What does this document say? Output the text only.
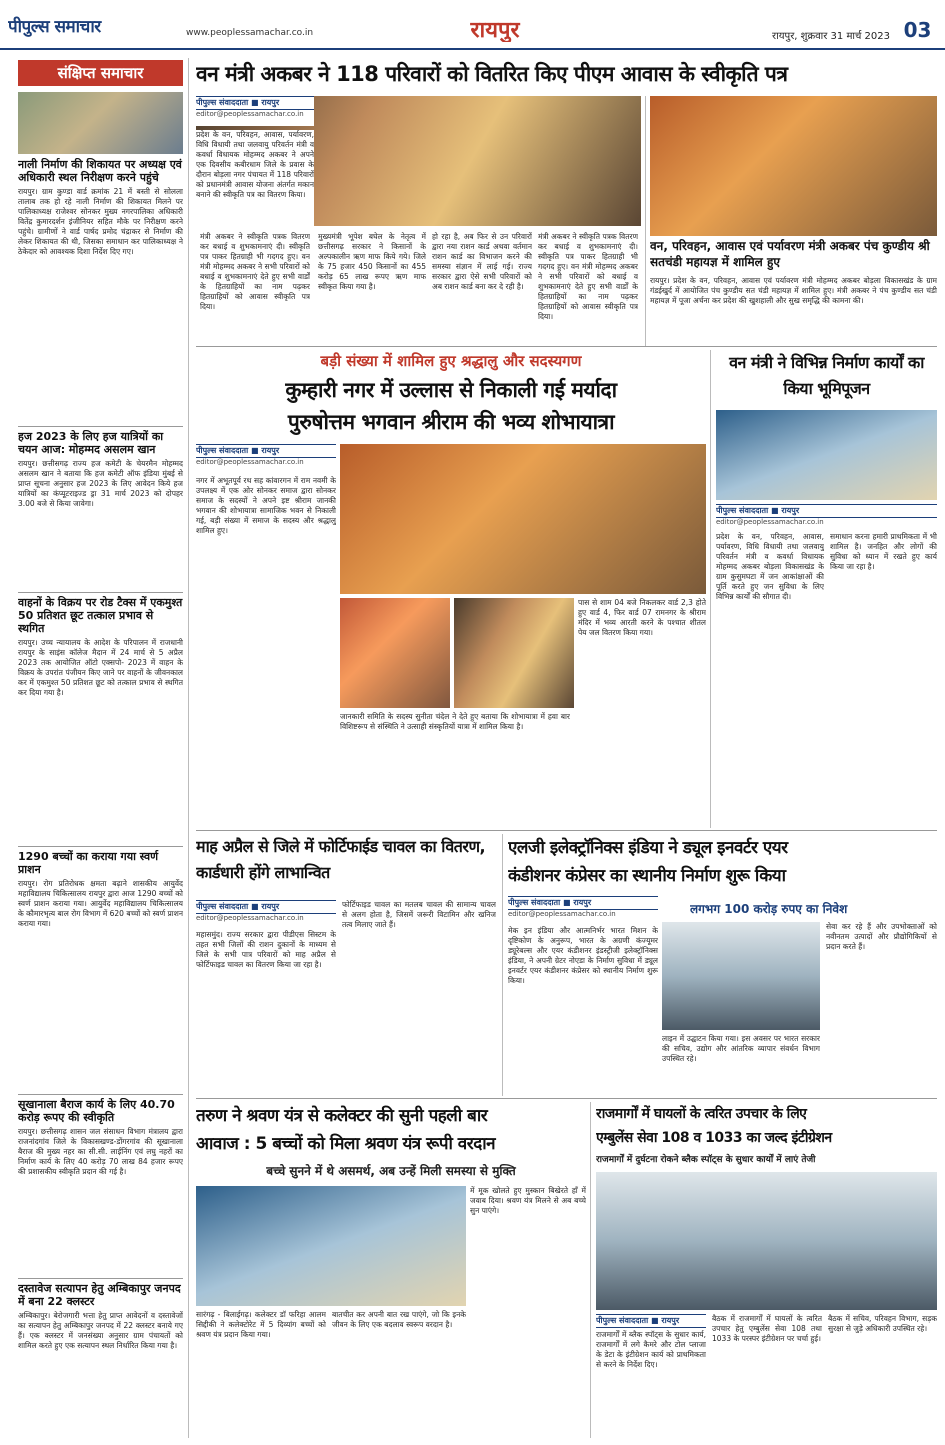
पीपुल्स समाचार	www.peoplessamachar.co.in	रायपुर	रायपुर, शुक्रवार 31 मार्च 2023 03
संक्षिप्त समाचार
नाली निर्माण की शिकायत पर अध्यक्ष एवं अधिकारी स्थल निरीक्षण करने पहुंचे
रायपुर। ग्राम कुण्डा वार्ड क्रमांक 21 में बस्ती से सोलला तालाब तक हो रहे नाली निर्माण की शिकायत मिलने पर पालिकाध्यक्ष राजेश्वर सोनकर मुख्य नगरपालिका अधिकारी वितेंद्र कुमारदर्शन इंजीनियर सहित मौके पर निरीक्षण करने पहुंचे। ग्रामीणों ने वार्ड पार्षद प्रमोद चंद्राकर से निर्माण की लेकर शिकायत की थी, जिसका समाधान कर पालिकाध्यक्ष ने ठेकेदार को आवश्यक दिशा निर्देश दिए गए।
हज 2023 के लिए हज यात्रियों का चयन आज: मोहम्मद असलम खान
रायपुर। छत्तीसगढ़ राज्य हज कमेटी के चेयरमैन मोहम्मद असलम खान ने बताया कि हज कमेटी ऑफ इंडिया मुंबई से प्राप्त सूचना अनुसार हज 2023 के लिए आवेदन किये हज यात्रियों का कंप्यूटराइज्ड ड्रा 31 मार्च 2023 को दोपहर 3.00 बजे से किया जावेगा।
वाहनों के विक्रय पर रोड टैक्स में एकमुश्त 50 प्रतिशत छूट तत्काल प्रभाव से स्थगित
रायपुर। उच्च न्यायालय के आदेश के परिपालन में राजधानी रायपुर के साइंस कॉलेज मैदान में 24 मार्च से 5 अप्रैल 2023 तक आयोजित ऑटो एक्सपो- 2023 में वाहन के विक्रय के उपरांत पंजीयन किए जाने पर वाहनों के जीवनकाल कर में एकमुश्त 50 प्रतिशत छूट को तत्काल प्रभाव से स्थगित कर दिया गया है।
1290 बच्चों का कराया गया स्वर्ण प्राशन
रायपुर। रोग प्रतिरोधक क्षमता बढ़ाने शासकीय आयुर्वेद महाविद्यालय चिकित्सालय रायपुर द्वारा आज 1290 बच्चों को स्वर्ण प्राशन कराया गया। आयुर्वेद महाविद्यालय चिकित्सालय के कौमारभृत्य बाल रोग विभाग में 620 बच्चों को स्वर्ण प्राशन कराया गया।
सूखानाला बैराज कार्य के लिए 40.70 करोड़ रूपए की स्वीकृति
रायपुर। छत्तीसगढ़ शासन जल संसाधन विभाग मंत्रालय द्वारा राजनांदगांव जिले के विकासखण्ड-डोंगरगांव की सूखानाला बैराज की मुख्य नहर का सी.सी. लाईनिंग एवं लघु नहरों का निर्माण कार्य के लिए 40 करोड़ 70 लाख 84 हजार रूपए की प्रशासकीय स्वीकृति प्रदान की गई है।
दस्तावेज सत्यापन हेतु अम्बिकापुर जनपद में बना 22 क्लस्टर
अम्बिकापुर। बेरोजगारी भत्ता हेतु प्राप्त आवेदनों व दस्तावेजों का सत्यापन हेतु अम्बिकापुर जनपद में 22 क्लस्टर बनाये गए हैं। एक क्लस्टर में जनसंख्या अनुसार ग्राम पंचायतों को शामिल करते हुए एक सत्यापन स्थल निर्धारित किया गया है।
वन मंत्री अकबर ने 118 परिवारों को वितरित किए पीएम आवास के स्वीकृति पत्र
पीपुल्स संवाददाता ■ रायपुर
editor@peoplessamachar.co.in
प्रदेश के वन, परिवहन, आवास, पर्यावरण, विधि विधायी तथा जलवायु परिवर्तन मंत्री व कवर्धा विधायक मोहम्मद अकबर ने अपने एक दिवसीय कबीरधाम जिले के प्रवास के दौरान बोड़ला नगर पंचायत में 118 परिवारों को प्रधानमंत्री आवास योजना अंतर्गत मकान बनाने की स्वीकृति पत्र का वितरण किया।
मंत्री अकबर ने स्वीकृति पत्रक वितरण कर बधाई व शुभकामनाएं दी। स्वीकृति पत्र पाकर हितग्राही भी गदगद हुए। वन मंत्री मोहम्मद अकबर ने सभी परिवारों को बधाई व शुभकामनाएं देते हुए सभी वार्डों के हितग्राहियों का नाम पढ़कर हितग्राहियों को आवास स्वीकृति पत्र दिया।
मुख्यमंत्री भूपेश बघेल के नेतृत्व में छत्तीसगढ़ सरकार ने किसानों के अल्पकालीन ऋण माफ किये गये। जिले के 75 हजार 450 किसानों का 455 करोड़ 65 लाख रूपए ऋण माफ स्वीकृत किया गया है।
हो रहा है, अब फिर से उन परिवारों द्वारा नया राशन कार्ड अथवा वर्तमान राशन कार्ड का विभाजन करने की समस्या संज्ञान में लाई गई। राज्य सरकार द्वारा ऐसे सभी परिवारों को अब राशन कार्ड बना कर दे रही है।
मंत्री अकबर ने स्वीकृति पत्रक वितरण कर बधाई व शुभकामनाएं दी। स्वीकृति पत्र पाकर हितग्राही भी गदगद हुए। वन मंत्री मोहम्मद अकबर ने सभी परिवारों को बधाई व शुभकामनाएं देते हुए सभी वार्डों के हितग्राहियों का नाम पढ़कर हितग्राहियों को आवास स्वीकृति पत्र दिया।
वन, परिवहन, आवास एवं पर्यावरण मंत्री अकबर पंच कुण्डीय श्री सतचंडी महायज्ञ में शामिल हुए
रायपुर। प्रदेश के वन, परिवहन, आवास एवं पर्यावरण मंत्री मोहम्मद अकबर बोड़ला विकासखंड के ग्राम गंडईखुर्द में आयोजित पंच कुण्डीय सत चंडी महायज्ञ में शामिल हुए। मंत्री अकबर ने पंच कुण्डीय सत चंडी महायज्ञ में पूजा अर्चना कर प्रदेश की खुशहाली और सुख समृद्धि की कामना की।
बड़ी संख्या में शामिल हुए श्रद्धालु और सदस्यगण
कुम्हारी नगर में उल्लास से निकाली गई मर्यादा
पुरुषोत्तम भगवान श्रीराम की भव्य शोभायात्रा
पीपुल्स संवाददाता ■ रायपुर
editor@peoplessamachar.co.in
नगर में अभूतपूर्व रथ सह कांवारगन में राम नवमी के उपलक्ष्य में एक ओर सोनकर समाज द्वारा सोनकर समाज के सदस्यों ने अपने इष्ट श्रीराम जानकी भगवान की शोभायात्रा सामाजिक भवन से निकाली गई, बड़ी संख्या में समाज के सदस्य और श्रद्धालु शामिल हुए।
जानकारी समिति के सदस्य सुनीता चंदेल ने देते हुए बताया कि शोभायात्रा में हवा बार विशिष्टरूप से संस्थिति ने उत्साही संस्कृतियों यात्रा में शामिल किया है।
पास से शाम 04 बजे निकलकर वार्ड 2,3 होते हुए वार्ड 4, फिर वार्ड 07 रामनगर के श्रीराम मंदिर में भव्य आरती करने के पश्चात शीतल पेय जल वितरण किया गया।
वन मंत्री ने विभिन्न निर्माण कार्यों का किया भूमिपूजन
पीपुल्स संवाददाता ■ रायपुर
editor@peoplessamachar.co.in
प्रदेश के वन, परिवहन, आवास, पर्यावरण, विधि विधायी तथा जलवायु परिवर्तन मंत्री व कवर्धा विधायक मोहम्मद अकबर बोड़ला विकासखंड के ग्राम कुसुमघटा में जन आकांक्षाओं की पूर्ति करते हुए जन सुविधा के लिए विभिन्न कार्यों की सौगात दी।
समाधान करना हमारी प्राथमिकता में भी शामिल है। जनहित और लोगों की सुविधा को ध्यान में रखते हुए कार्य किया जा रहा है।
माह अप्रैल से जिले में फोर्टिफाईड चावल का वितरण, कार्डधारी होंगे लाभान्वित
पीपुल्स संवाददाता ■ रायपुर
editor@peoplessamachar.co.in
महासमुंद। राज्य सरकार द्वारा पीडीएस सिस्टम के तहत सभी जिलों की राशन दुकानों के माध्यम से जिले के सभी पात्र परिवारों को माह अप्रैल से फोर्टिफाइड चावल का वितरण किया जा रहा है।
फोर्टिफाइड चावल का मतलब चावल की सामान्य चावल से अलग होता है, जिसमें जरूरी विटामिन और खनिज तत्व मिलाए जाते हैं।
एलजी इलेक्ट्रॉनिक्स इंडिया ने ड्यूल इनवर्टर एयर
कंडीशनर कंप्रेसर का स्थानीय निर्माण शुरू किया
पीपुल्स संवाददाता ■ रायपुर
editor@peoplessamachar.co.in	लगभग 100 करोड़ रुपए का निवेश
मेक इन इंडिया और आत्मनिर्भर भारत मिशन के दृष्टिकोण के अनुरूप, भारत के अग्रणी कंज्यूमर ड्यूरेबल्स और एयर कंडीशनर इंडस्ट्रीजी इलेक्ट्रॉनिक्स इंडिया, ने अपनी ग्रेटर नोएडा के निर्माण सुविधा में ड्यूल इनवर्टर एयर कंडीशनर कंप्रेसर को स्थानीय निर्माण शुरू किया।
लाइन में उद्घाटन किया गया। इस अवसर पर भारत सरकार की सचिव, उद्योग और आंतरिक व्यापार संवर्धन विभाग उपस्थित रहे।
सेवा कर रहे हैं और उपभोक्ताओं को नवीनतम उत्पादों और प्रौद्योगिकियों से प्रदान करते हैं।
तरुण ने श्रवण यंत्र से कलेक्टर की सुनी पहली बार
आवाज : 5 बच्चों को मिला श्रवण यंत्र रूपी वरदान
बच्चे सुनने में थे असमर्थ, अब उन्हें मिली समस्या से मुक्ति
सारंगढ़ - बिलाईगढ़। कलेक्टर डॉ फरिहा आलम सिद्दीकी ने कलेक्टोरेट में 5 दिव्यांग बच्चों को श्रवण यंत्र प्रदान किया गया।
बातचीत कर अपनी बात रख पाएंगे, जो कि इनके जीवन के लिए एक बदलाव स्वरूप वरदान है।
में मूक खोलते हुए मुस्कान बिखेरते हाँ में जवाब दिया। श्रवण यंत्र मिलने से अब बच्चे सुन पाएंगे।
राजमार्गों में घायलों के त्वरित उपचार के लिए
एम्बुलेंस सेवा 108 व 1033 का जल्द इंटीग्रेशन
राजमार्गों में दुर्घटना रोकने ब्लैक स्पॉट्स के सुधार कार्यों में लाएं तेजी
पीपुल्स संवाददाता ■ रायपुर
राजमार्गों में ब्लैक स्पॉट्स के सुधार कार्य, राजमार्गों में लगे कैमरे और टोल प्लाजा के डेटा के इंटीग्रेशन कार्य को प्राथमिकता से करने के निर्देश दिए।
बैठक में राजमार्गों में घायलों के त्वरित उपचार हेतु एम्बुलेंस सेवा 108 तथा 1033 के परस्पर इंटीग्रेशन पर चर्चा हुई।
बैठक में सचिव, परिवहन विभाग, सड़क सुरक्षा से जुड़े अधिकारी उपस्थित रहे।
